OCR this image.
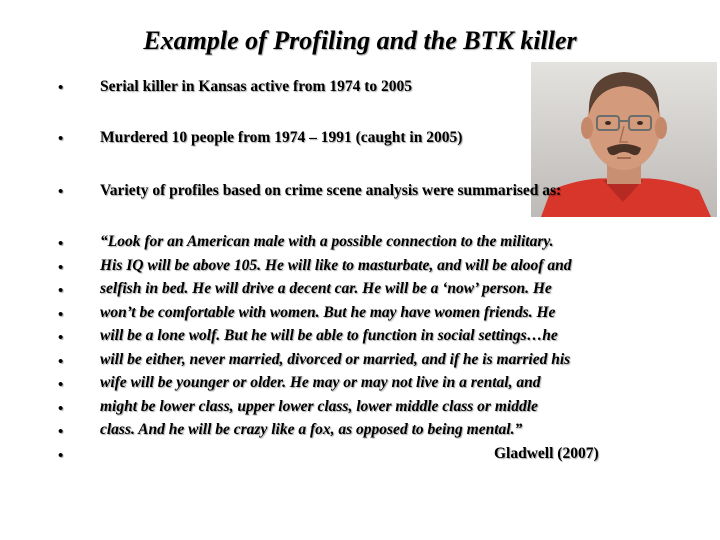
Example of Profiling and the BTK killer
• Serial killer in Kansas active from 1974 to 2005
• Murdered 10 people from 1974 – 1991 (caught in 2005)
• Variety of profiles based on crime scene analysis were summarised as:
• “Look for an American male with a possible connection to the military.
• His IQ will be above 105. He will like to masturbate, and will be aloof and
• selfish in bed. He will drive a decent car. He will be a ‘now’ person. He
• won’t be comfortable with women. But he may have women friends. He
• will be a lone wolf. But he will be able to function in social settings…he
• will be either, never married, divorced or married, and if he is married his
• wife will be younger or older. He may or may not live in a rental, and
• might be lower class, upper lower class, lower middle class or middle
• class. And he will be crazy like a fox, as opposed to being mental.”
•	Gladwell (2007)
